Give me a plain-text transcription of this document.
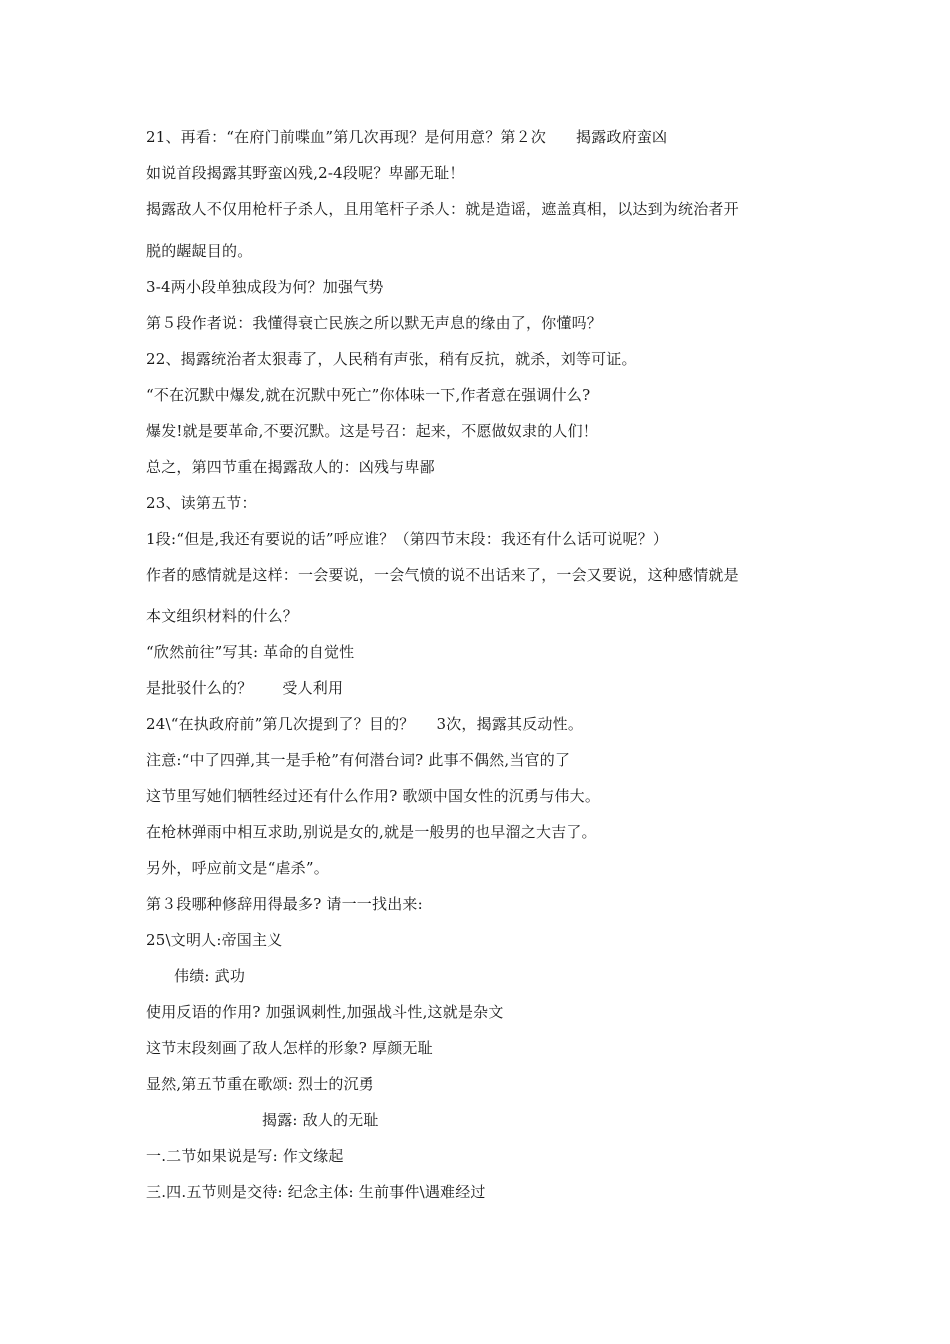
21、再看：“在府门前喋血”第几次再现？是何用意？第２次 揭露政府蛮凶
如说首段揭露其野蛮凶残,2-4段呢？卑鄙无耻！
揭露敌人不仅用枪杆子杀人，且用笔杆子杀人：就是造谣，遮盖真相，以达到为统治者开
脱的龌龊目的。
3-4两小段单独成段为何？加强气势
第５段作者说：我懂得衰亡民族之所以默无声息的缘由了，你懂吗？
22、揭露统治者太狠毒了，人民稍有声张，稍有反抗，就杀，刘等可证。
“不在沉默中爆发,就在沉默中死亡”你体味一下,作者意在强调什么?
爆发!就是要革命,不要沉默。这是号召：起来，不愿做奴隶的人们！
总之，第四节重在揭露敌人的：凶残与卑鄙
23、读第五节：
1段:“但是,我还有要说的话”呼应谁？（第四节末段：我还有什么话可说呢？）
作者的感情就是这样：一会要说，一会气愤的说不出话来了，一会又要说，这种感情就是
本文组织材料的什么？
“欣然前往”写其: 革命的自觉性
是批驳什么的？ 受人利用
24\“在执政府前”第几次提到了？目的？ 3次，揭露其反动性。
注意:“中了四弹,其一是手枪”有何潜台词? 此事不偶然,当官的了
这节里写她们牺牲经过还有什么作用? 歌颂中国女性的沉勇与伟大。
在枪林弹雨中相互求助,别说是女的,就是一般男的也早溜之大吉了。
另外，呼应前文是“虐杀”。
第３段哪种修辞用得最多? 请一一找出来:
25\文明人:帝国主义
伟绩: 武功
使用反语的作用? 加强讽刺性,加强战斗性,这就是杂文
这节末段刻画了敌人怎样的形象? 厚颜无耻
显然,第五节重在歌颂: 烈士的沉勇
揭露: 敌人的无耻
一.二节如果说是写: 作文缘起
三.四.五节则是交待: 纪念主体: 生前事件\遇难经过
